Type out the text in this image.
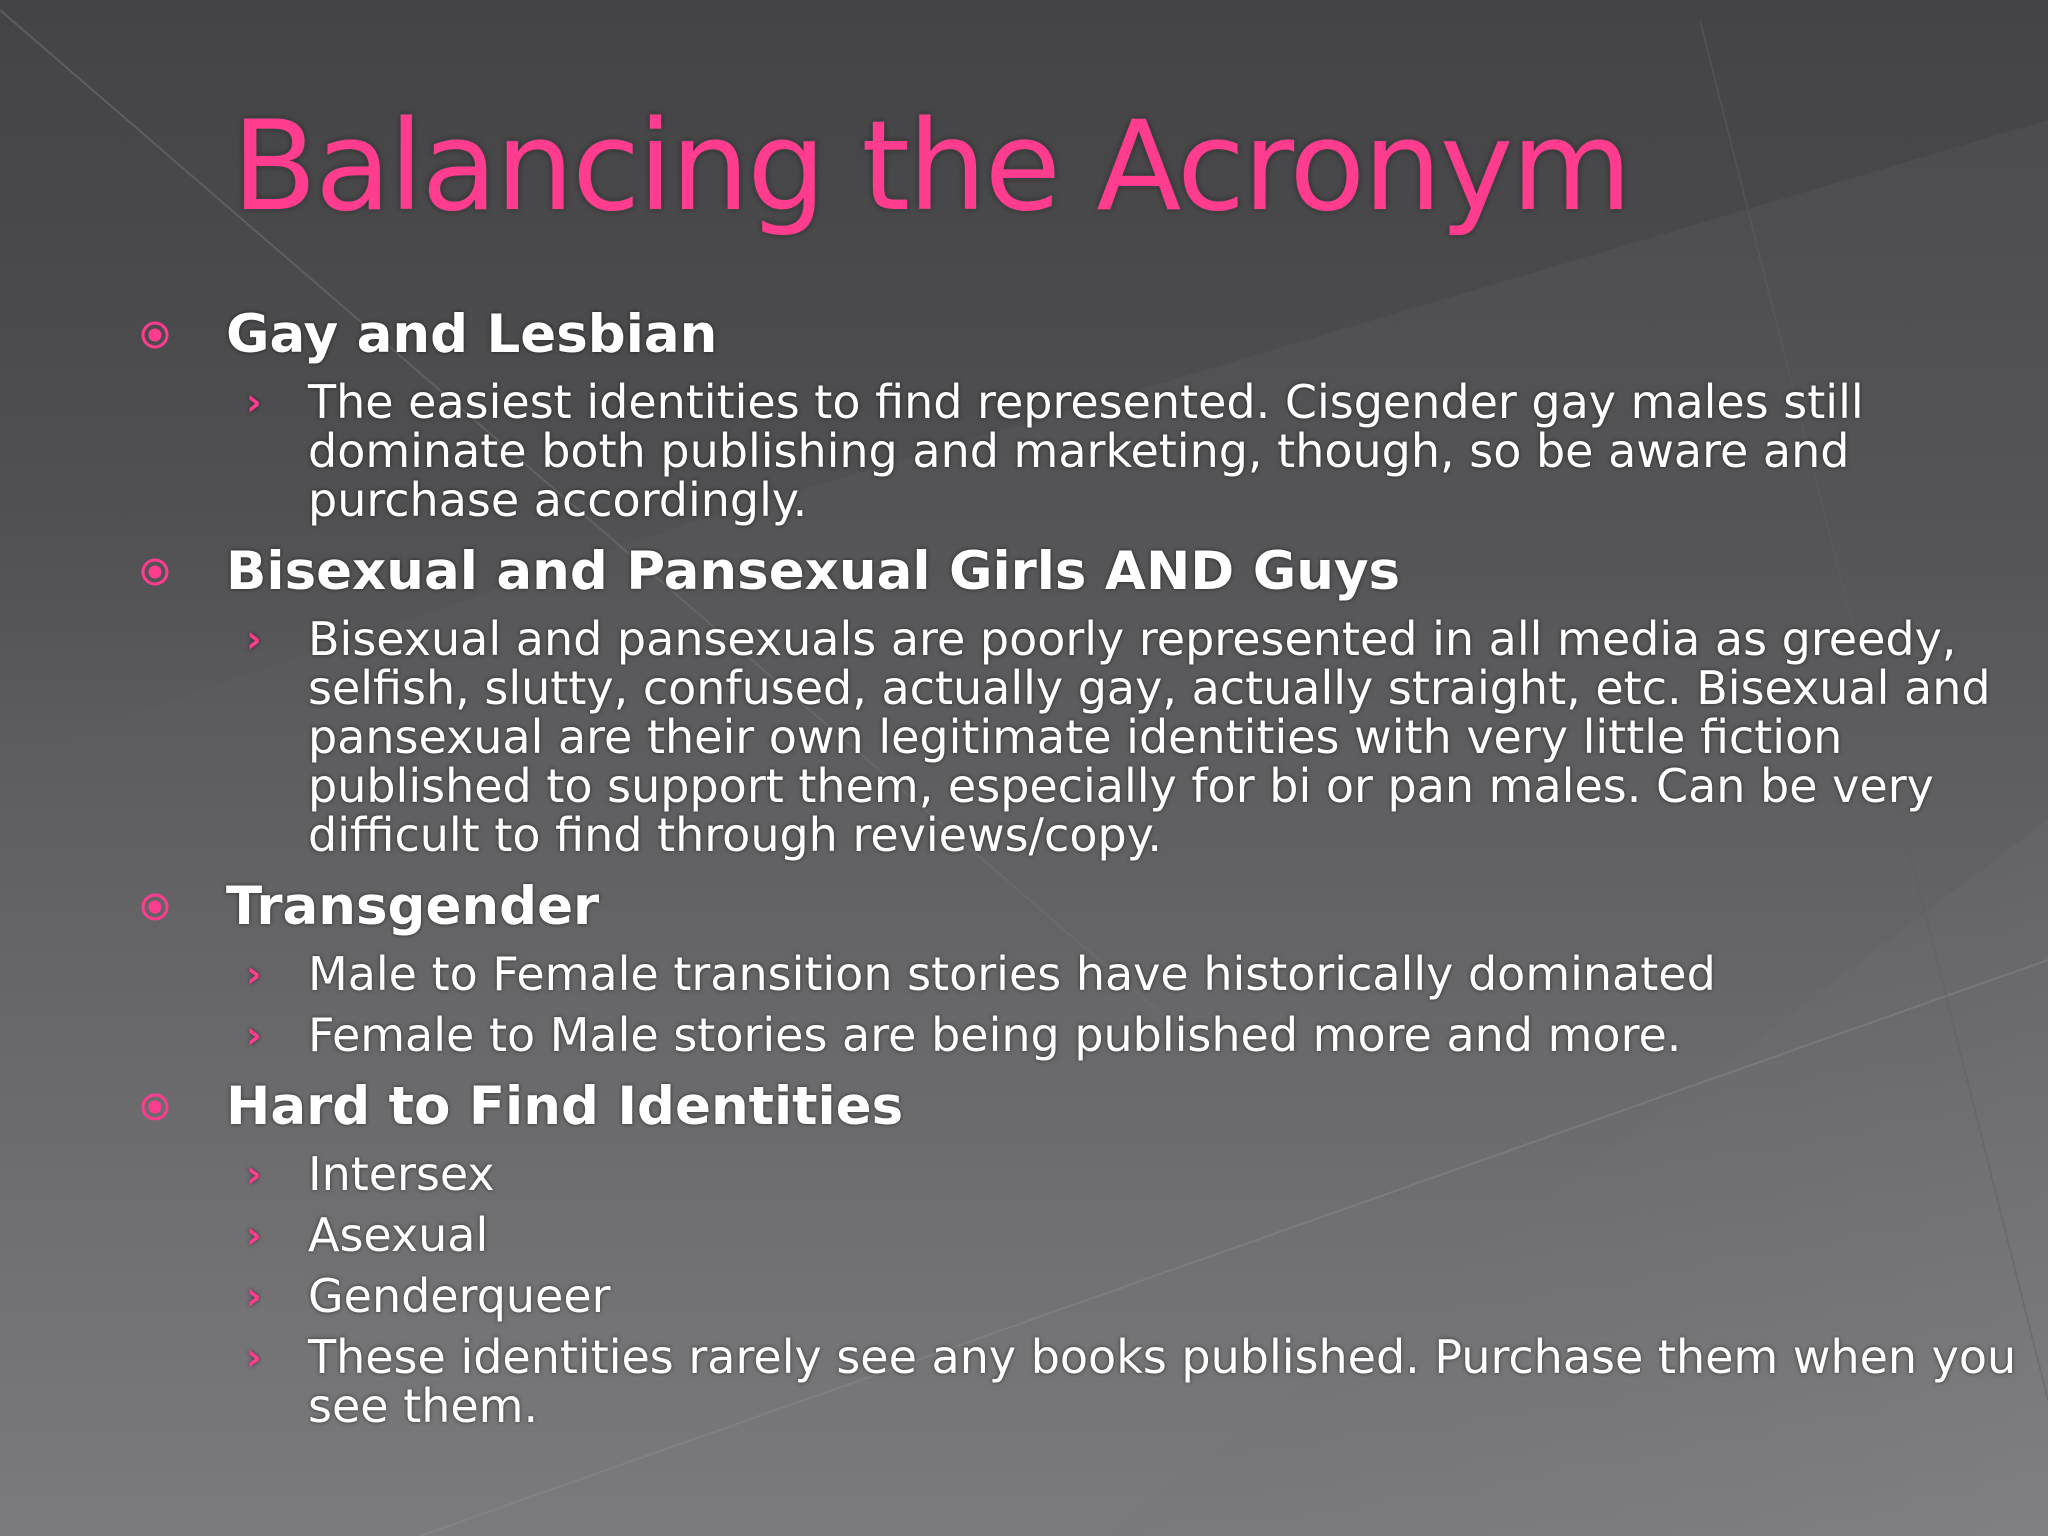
Balancing the Acronym
Gay and Lesbian
› The easiest identities to find represented. Cisgender gay males still dominate both publishing and marketing, though, so be aware and purchase accordingly.
Bisexual and Pansexual Girls AND Guys
› Bisexual and pansexuals are poorly represented in all media as greedy, selfish, slutty, confused, actually gay, actually straight, etc. Bisexual and pansexual are their own legitimate identities with very little fiction published to support them, especially for bi or pan males. Can be very difficult to find through reviews/copy.
Transgender
› Male to Female transition stories have historically dominated
› Female to Male stories are being published more and more.
Hard to Find Identities
› Intersex
› Asexual
› Genderqueer
› These identities rarely see any books published. Purchase them when you see them.
